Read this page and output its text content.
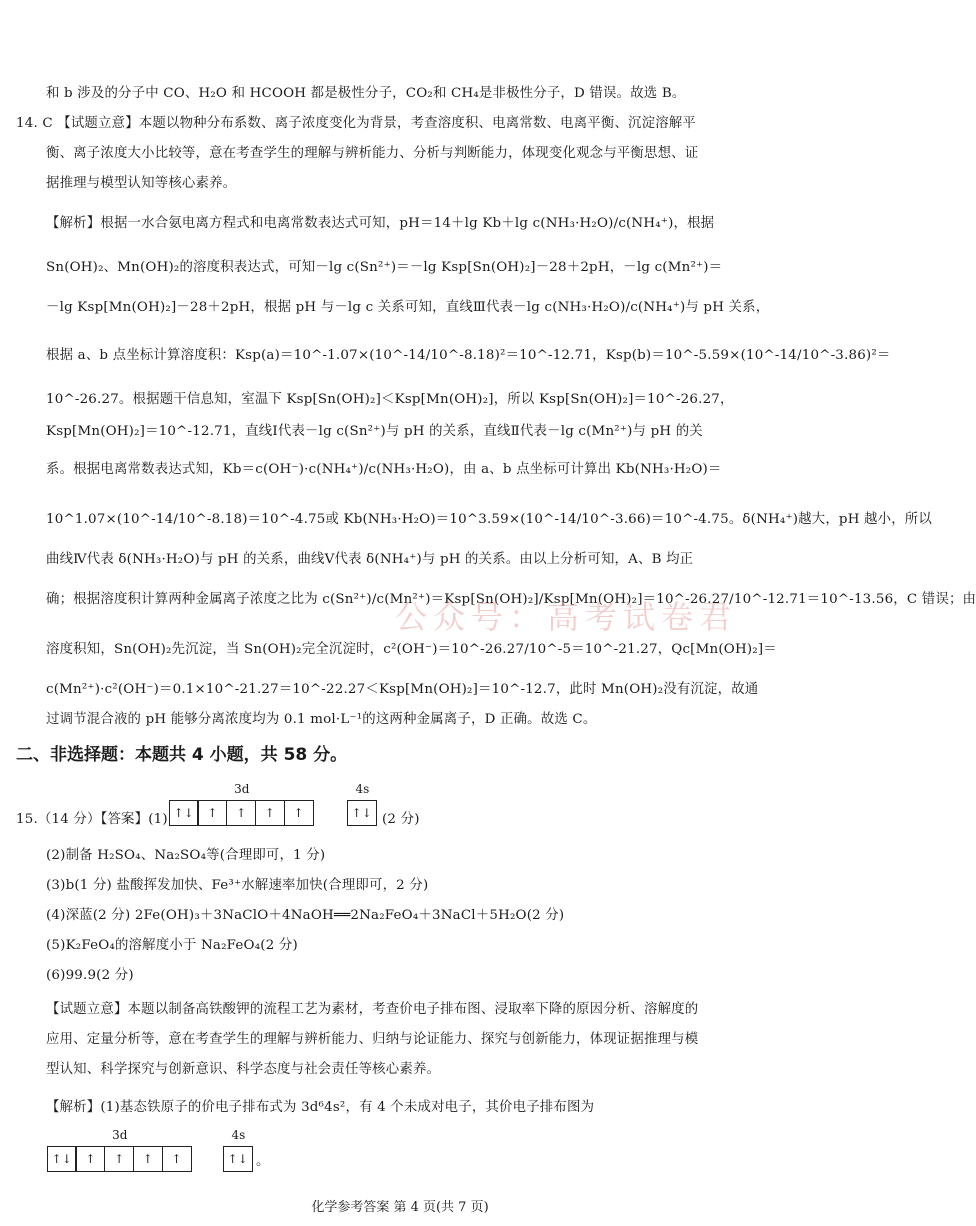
和 b 涉及的分子中 CO、H₂O 和 HCOOH 都是极性分子，CO₂和 CH₄是非极性分子，D 错误。故选 B。
14. C 【试题立意】本题以物种分布系数、离子浓度变化为背景，考查溶度积、电离常数、电离平衡、沉淀溶解平
衡、离子浓度大小比较等，意在考查学生的理解与辨析能力、分析与判断能力，体现变化观念与平衡思想、证
据推理与模型认知等核心素养。
【解析】根据一水合氨电离方程式和电离常数表达式可知，pH＝14＋lg Kb＋lg c(NH₃·H₂O)/c(NH₄⁺)，根据
Sn(OH)₂、Mn(OH)₂的溶度积表达式，可知－lg c(Sn²⁺)＝－lg Ksp[Sn(OH)₂]－28＋2pH，－lg c(Mn²⁺)＝
－lg Ksp[Mn(OH)₂]－28＋2pH，根据 pH 与－lg c 关系可知，直线Ⅲ代表－lg c(NH₃·H₂O)/c(NH₄⁺)与 pH 关系，
根据 a、b 点坐标计算溶度积：Ksp(a)＝10^-1.07×(10^-14/10^-8.18)²＝10^-12.71，Ksp(b)＝10^-5.59×(10^-14/10^-3.86)²＝
10^-26.27。根据题干信息知，室温下 Ksp[Sn(OH)₂]＜Ksp[Mn(OH)₂]，所以 Ksp[Sn(OH)₂]＝10^-26.27，
Ksp[Mn(OH)₂]＝10^-12.71，直线Ⅰ代表－lg c(Sn²⁺)与 pH 的关系，直线Ⅱ代表－lg c(Mn²⁺)与 pH 的关
系。根据电离常数表达式知，Kb＝c(OH⁻)·c(NH₄⁺)/c(NH₃·H₂O)，由 a、b 点坐标可计算出 Kb(NH₃·H₂O)＝
10^1.07×(10^-14/10^-8.18)＝10^-4.75或 Kb(NH₃·H₂O)＝10^3.59×(10^-14/10^-3.66)＝10^-4.75。δ(NH₄⁺)越大，pH 越小，所以
曲线Ⅳ代表 δ(NH₃·H₂O)与 pH 的关系，曲线Ⅴ代表 δ(NH₄⁺)与 pH 的关系。由以上分析可知，A、B 均正
确；根据溶度积计算两种金属离子浓度之比为 c(Sn²⁺)/c(Mn²⁺)＝Ksp[Sn(OH)₂]/Ksp[Mn(OH)₂]＝10^-26.27/10^-12.71＝10^-13.56，C 错误；由
溶度积知，Sn(OH)₂先沉淀，当 Sn(OH)₂完全沉淀时，c²(OH⁻)＝10^-26.27/10^-5＝10^-21.27，Qc[Mn(OH)₂]＝
c(Mn²⁺)·c²(OH⁻)＝0.1×10^-21.27＝10^-22.27＜Ksp[Mn(OH)₂]＝10^-12.7，此时 Mn(OH)₂没有沉淀，故通
过调节混合液的 pH 能够分离浓度均为 0.1 mol·L⁻¹的这两种金属离子，D 正确。故选 C。
公众号：高考试卷君
二、非选择题：本题共 4 小题，共 58 分。
15.（14 分）【答案】(1)
3d
↑↓	↑	↑	↑	↑
4s
↑↓ (2 分)
(2)制备 H₂SO₄、Na₂SO₄等(合理即可，1 分)
(3)b(1 分) 盐酸挥发加快、Fe³⁺水解速率加快(合理即可，2 分)
(4)深蓝(2 分) 2Fe(OH)₃＋3NaClO＋4NaOH══2Na₂FeO₄＋3NaCl＋5H₂O(2 分)
(5)K₂FeO₄的溶解度小于 Na₂FeO₄(2 分)
(6)99.9(2 分)
【试题立意】本题以制备高铁酸钾的流程工艺为素材，考查价电子排布图、浸取率下降的原因分析、溶解度的
应用、定量分析等，意在考查学生的理解与辨析能力、归纳与论证能力、探究与创新能力，体现证据推理与模
型认知、科学探究与创新意识、科学态度与社会责任等核心素养。
【解析】(1)基态铁原子的价电子排布式为 3d⁶4s²，有 4 个未成对电子，其价电子排布图为
3d
↑↓	↑	↑	↑	↑
4s
↑↓ 。
化学参考答案 第 4 页(共 7 页)
